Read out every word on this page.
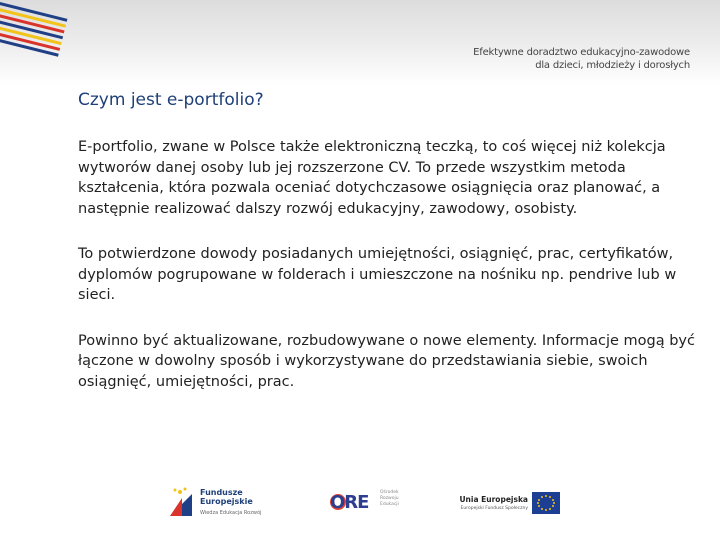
Efektywne doradztwo edukacyjno-zawodowe
dla dzieci, młodzieży i dorosłych
Czym jest e-portfolio?

E-portfolio, zwane w Polsce także elektroniczną teczką, to coś więcej niż kolekcja wytworów danej osoby lub jej rozszerzone CV. To przede wszystkim metoda kształcenia, która pozwala oceniać dotychczasowe osiągnięcia oraz planować, a następnie realizować dalszy rozwój edukacyjny, zawodowy, osobisty.

To potwierdzone dowody posiadanych umiejętności, osiągnięć, prac, certyfikatów, dyplomów pogrupowane w folderach i umieszczone na nośniku np. pendrive lub w sieci.

Powinno być aktualizowane, rozbudowywane o nowe elementy. Informacje mogą być łączone w dowolny sposób i wykorzystywane do przedstawiania siebie, swoich osiągnięć, umiejętności, prac.

Fundusze
Europejskie
Wiedza Edukacja Rozwój	ORE	Ośrodek Rozwoju Edukacji
Unia Europejska
Europejski Fundusz Społeczny
